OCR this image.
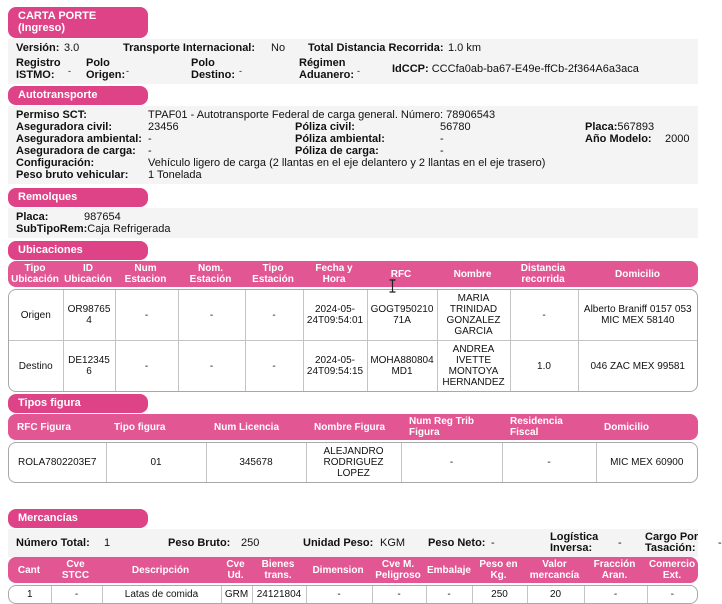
CARTA PORTE (Ingreso)
Versión: 3.0	Transporte Internacional:	No	Total Distancia Recorrida: 1.0 km
Registro ISTMO: -
Polo Origen:-
Polo Destino: -
Régimen Aduanero: -	IdCCP: CCCfa0ab-ba67-E49e-ffCb-2f364A6a3aca
Autotransporte
Permiso SCT:	TPAF01 - Autotransporte Federal de carga general. Número: 78906543
Aseguradora civil:	23456	Póliza civil:	56780	Placa:567893
Aseguradora ambiental: -	Póliza ambiental:	-	Año Modelo:	2000
Aseguradora de carga:	-	Póliza de carga:	-
Configuración:	Vehículo ligero de carga (2 llantas en el eje delantero y 2 llantas en el eje trasero)
Peso bruto vehicular:	1 Tonelada
Remolques
Placa:	987654
SubTipoRem: Caja Refrigerada
Ubicaciones
Tipo Ubicación	ID Ubicación	Num Estacion	Nom. Estación	Tipo Estación	Fecha y Hora	RFC	Nombre	Distancia recorrida	Domicilio
Origen	OR987654	-	-	-	2024-05-24T09:54:01	GOGT95021071A	MARIA TRINIDAD GONZALEZ GARCIA	-	Alberto Braniff 0157 053 MIC MEX 58140
Destino	DE123456	-	-	-	2024-05-24T09:54:15	MOHA880804MD1	ANDREA IVETTE MONTOYA HERNANDEZ	1.0	046 ZAC MEX 99581
Tipos figura
RFC Figura	Tipo figura	Num Licencia	Nombre Figura	Num Reg Trib Figura	Residencia Fiscal	Domicilio
ROLA7802203E7	01	345678	ALEJANDRO RODRIGUEZ LOPEZ	-	-	MIC MEX 60900
Mercancías
Número Total:	1	Peso Bruto: 250	Unidad Peso: KGM	Peso Neto: -	Logística Inversa:	-	Cargo Por Tasación:	-
Cant	Cve STCC	Descripción	Cve Ud.	Bienes trans.	Dimension	Cve M. Peligroso	Embalaje	Peso en Kg.	Valor mercancía	Fracción Aran.	Comercio Ext.
1	-	Latas de comida	GRM	24121804	-	-	-	250	20	-	-
